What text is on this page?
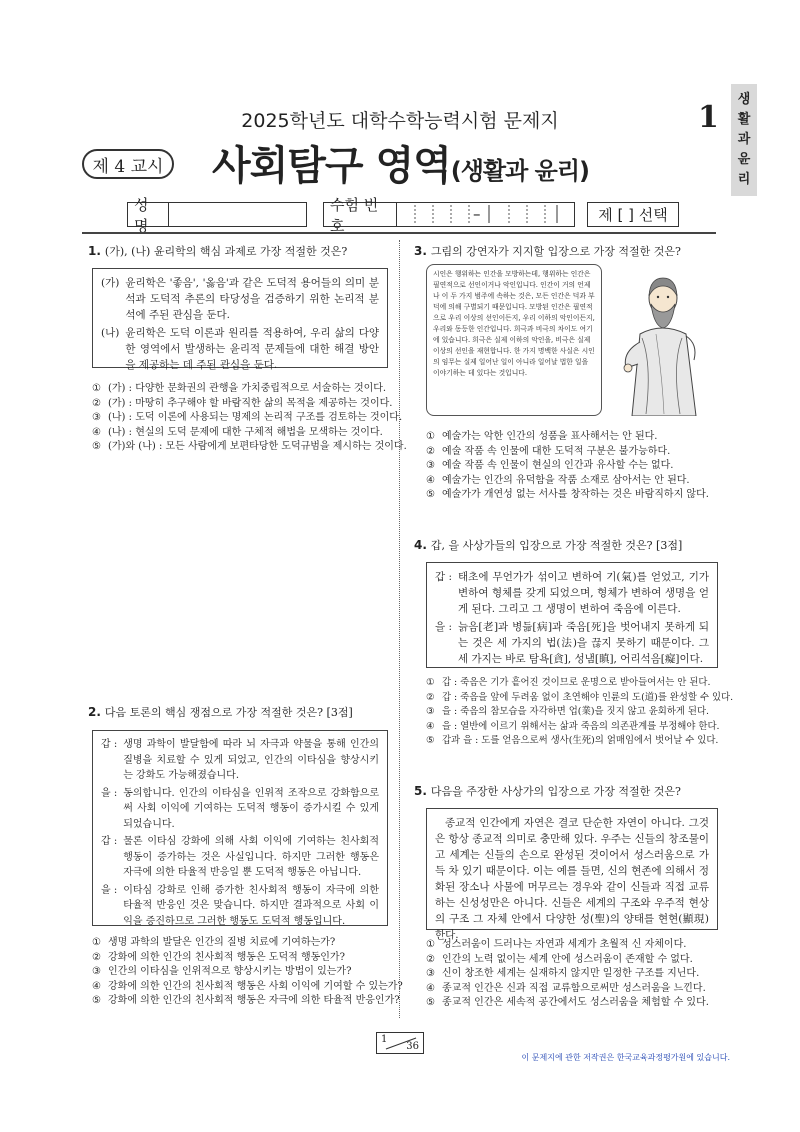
2025학년도 대학수학능력시험 문제지	1
생
활
과
윤
리
제 4 교시 사회탐구 영역(생활과 윤리)
성명
수험 번호
–	제 [ ] 선택
1. (가), (나) 윤리학의 핵심 과제로 가장 적절한 것은?
(가) 윤리학은 '좋음', '옳음'과 같은 도덕적 용어들의 의미 분석과 도덕적 추론의 타당성을 검증하기 위한 논리적 분석에 주된 관심을 둔다.
(나) 윤리학은 도덕 이론과 원리를 적용하여, 우리 삶의 다양한 영역에서 발생하는 윤리적 문제들에 대한 해결 방안을 제공하는 데 주된 관심을 둔다.
① (가) : 다양한 문화권의 관행을 가치중립적으로 서술하는 것이다.
② (가) : 마땅히 추구해야 할 바람직한 삶의 목적을 제공하는 것이다.
③ (나) : 도덕 이론에 사용되는 명제의 논리적 구조를 검토하는 것이다.
④ (나) : 현실의 도덕 문제에 대한 구체적 해법을 모색하는 것이다.
⑤ (가)와 (나) : 모든 사람에게 보편타당한 도덕규범을 제시하는 것이다.
2. 다음 토론의 핵심 쟁점으로 가장 적절한 것은? [3점]
갑 : 생명 과학이 발달함에 따라 뇌 자극과 약물을 통해 인간의 질병을 치료할 수 있게 되었고, 인간의 이타심을 향상시키는 강화도 가능해졌습니다.
을 : 동의합니다. 인간의 이타심을 인위적 조작으로 강화함으로써 사회 이익에 기여하는 도덕적 행동이 증가시킬 수 있게 되었습니다.
갑 : 물론 이타심 강화에 의해 사회 이익에 기여하는 친사회적 행동이 증가하는 것은 사실입니다. 하지만 그러한 행동은 자극에 의한 타율적 반응일 뿐 도덕적 행동은 아닙니다.
을 : 이타심 강화로 인해 증가한 친사회적 행동이 자극에 의한 타율적 반응인 것은 맞습니다. 하지만 결과적으로 사회 이익을 증진하므로 그러한 행동도 도덕적 행동입니다.
① 생명 과학의 발달은 인간의 질병 치료에 기여하는가?
② 강화에 의한 인간의 친사회적 행동은 도덕적 행동인가?
③ 인간의 이타심을 인위적으로 향상시키는 방법이 있는가?
④ 강화에 의한 인간의 친사회적 행동은 사회 이익에 기여할 수 있는가?
⑤ 강화에 의한 인간의 친사회적 행동은 자극에 의한 타율적 반응인가?
3. 그림의 강연자가 지지할 입장으로 가장 적절한 것은?
시인은 행위하는 인간을 모방하는데, 행위하는 인간은 필연적으로 선인이거나 악인입니다. 인간이 거의 언제나 이 두 가지 범주에 속하는 것은, 모든 인간은 덕과 부덕에 의해 구별되기 때문입니다. 모방된 인간은 필연적으로 우리 이상의 선인이든지, 우리 이하의 악인이든지, 우리와 동등한 인간입니다. 희극과 비극의 차이도 여기에 있습니다. 희극은 실제 이하의 악인을, 비극은 실제 이상의 선인을 재현합니다. 한 가지 명백한 사실은 시인의 임무는 실제 일어난 일이 아니라 일어날 법한 일을 이야기하는 데 있다는 것입니다.
① 예술가는 악한 인간의 성품을 표사해서는 안 된다.
② 예술 작품 속 인물에 대한 도덕적 구분은 불가능하다.
③ 예술 작품 속 인물이 현실의 인간과 유사할 수는 없다.
④ 예술가는 인간의 유덕함을 작품 소재로 삼아서는 안 된다.
⑤ 예술가가 개연성 없는 서사를 창작하는 것은 바람직하지 않다.
4. 갑, 을 사상가들의 입장으로 가장 적절한 것은? [3점]
갑 : 태초에 무언가가 섞이고 변하여 기(氣)를 얻었고, 기가 변하여 형체를 갖게 되었으며, 형체가 변하여 생명을 얻게 된다. 그리고 그 생명이 변하여 죽음에 이른다.
을 : 늙음[老]과 병듦[病]과 죽음[死]을 벗어내지 못하게 되는 것은 세 가지의 법(法)을 끊지 못하기 때문이다. 그 세 가지는 바로 탐욕[貪], 성냄[瞋], 어리석음[癡]이다.
① 갑 : 죽음은 기가 흩어진 것이므로 운명으로 받아들여서는 안 된다.
② 갑 : 죽음을 앞에 두려움 없이 초연해야 인륜의 도(道)를 완성할 수 있다.
③ 을 : 죽음의 참모습을 자각하면 업(業)을 짓지 않고 윤회하게 된다.
④ 을 : 열반에 이르기 위해서는 삶과 죽음의 의존관계를 부정해야 한다.
⑤ 갑과 을 : 도를 얻음으로써 생사(生死)의 얽매임에서 벗어날 수 있다.
5. 다음을 주장한 사상가의 입장으로 가장 적절한 것은?
종교적 인간에게 자연은 결코 단순한 자연이 아니다. 그것은 항상 종교적 의미로 충만해 있다. 우주는 신들의 창조물이고 세계는 신들의 손으로 완성된 것이어서 성스러움으로 가득 차 있기 때문이다. 이는 예를 들면, 신의 현존에 의해서 정화된 장소나 사물에 머무르는 경우와 같이 신들과 직접 교류하는 신성성만은 아니다. 신들은 세계의 구조와 우주적 현상의 구조 그 자체 안에서 다양한 성(聖)의 양태를 현현(顯現)한다.
① 성스러움이 드러나는 자연과 세계가 초월적 신 자체이다.
② 인간의 노력 없이는 세계 안에 성스러움이 존재할 수 없다.
③ 신이 창조한 세계는 실재하지 않지만 일정한 구조를 지닌다.
④ 종교적 인간은 신과 직접 교류함으로써만 성스러움을 느낀다.
⑤ 종교적 인간은 세속적 공간에서도 성스러움을 체험할 수 있다.
1
36
이 문제지에 관한 저작권은 한국교육과정평가원에 있습니다.
